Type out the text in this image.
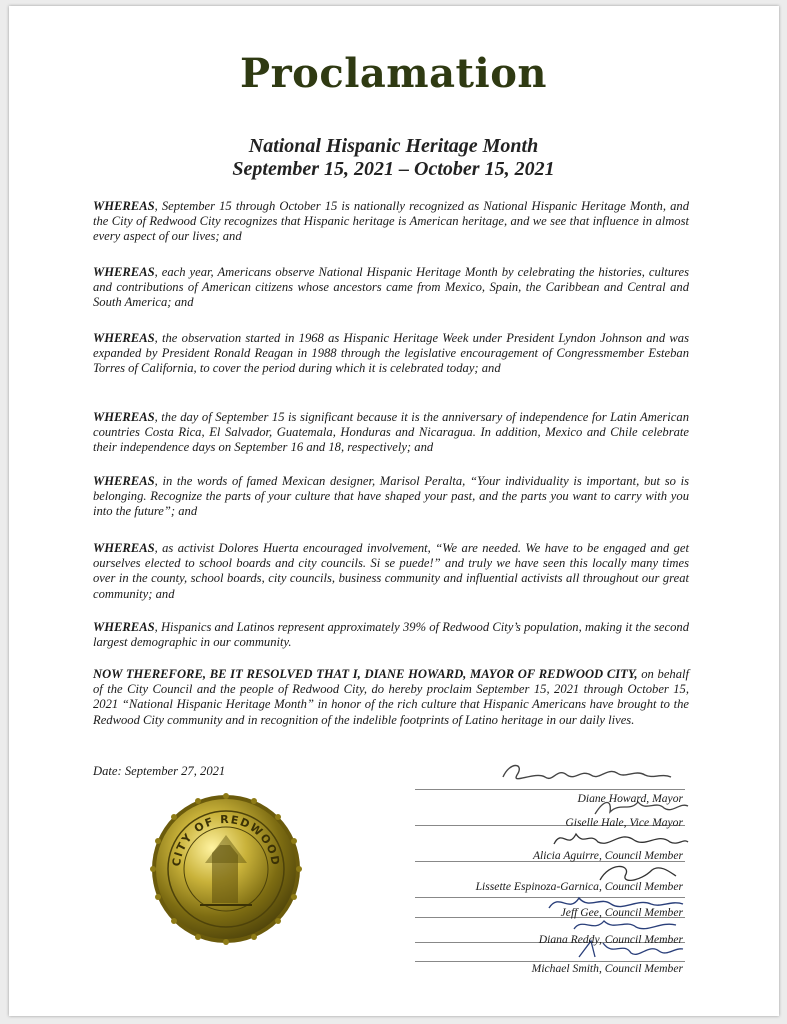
Proclamation
National Hispanic Heritage Month
September 15, 2021 – October 15, 2021
WHEREAS, September 15 through October 15 is nationally recognized as National Hispanic Heritage Month, and the City of Redwood City recognizes that Hispanic heritage is American heritage, and we see that influence in almost every aspect of our lives; and
WHEREAS, each year, Americans observe National Hispanic Heritage Month by celebrating the histories, cultures and contributions of American citizens whose ancestors came from Mexico, Spain, the Caribbean and Central and South America; and
WHEREAS, the observation started in 1968 as Hispanic Heritage Week under President Lyndon Johnson and was expanded by President Ronald Reagan in 1988 through the legislative encouragement of Congressmember Esteban Torres of California, to cover the period during which it is celebrated today; and
WHEREAS, the day of September 15 is significant because it is the anniversary of independence for Latin American countries Costa Rica, El Salvador, Guatemala, Honduras and Nicaragua. In addition, Mexico and Chile celebrate their independence days on September 16 and 18, respectively; and
WHEREAS, in the words of famed Mexican designer, Marisol Peralta, “Your individuality is important, but so is belonging. Recognize the parts of your culture that have shaped your past, and the parts you want to carry with you into the future”; and
WHEREAS, as activist Dolores Huerta encouraged involvement, “We are needed. We have to be engaged and get ourselves elected to school boards and city councils. Si se puede!” and truly we have seen this locally many times over in the county, school boards, city councils, business community and influential activists all throughout our great community; and
WHEREAS, Hispanics and Latinos represent approximately 39% of Redwood City’s population, making it the second largest demographic in our community.
NOW THEREFORE, BE IT RESOLVED THAT I, DIANE HOWARD, MAYOR OF REDWOOD CITY, on behalf of the City Council and the people of Redwood City, do hereby proclaim September 15, 2021 through October 15, 2021 “National Hispanic Heritage Month” in honor of the rich culture that Hispanic Americans have brought to the Redwood City community and in recognition of the indelible footprints of Latino heritage in our daily lives.
Date: September 27, 2021
CITY OF REDWOOD
Diane Howard, Mayor
Giselle Hale, Vice Mayor
Alicia Aguirre, Council Member
Lissette Espinoza-Garnica, Council Member
Jeff Gee, Council Member
Diana Reddy, Council Member
Michael Smith, Council Member
